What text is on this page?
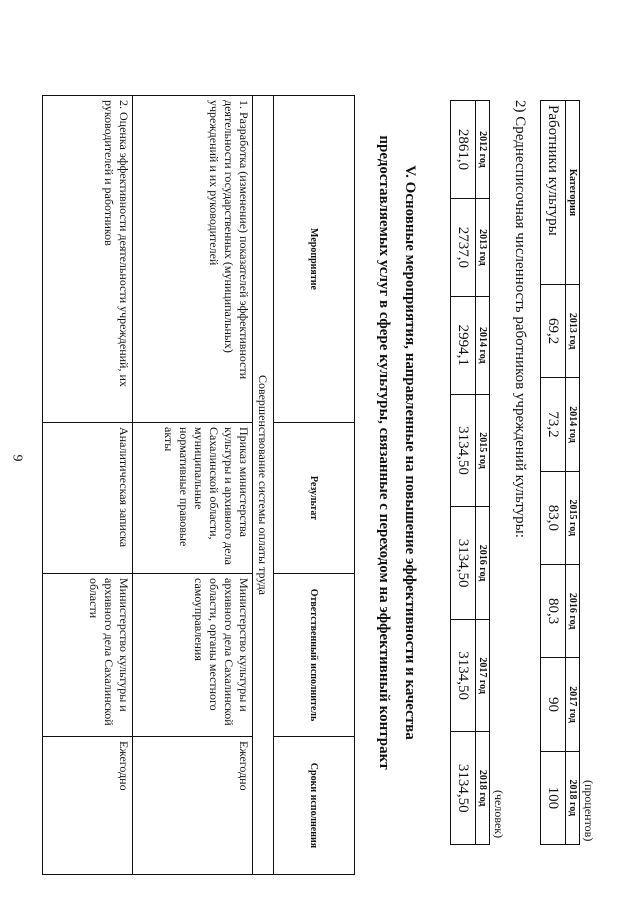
9
(процентов)
Категория	2013 год	2014 год	2015 год	2016 год	2017 год	2018 год
Работники культуры	69,2	73,2	83,0	80,3	90	100
2) Среднесписочная численность работников учреждений культуры:
(человек)
2012 год	2013 год	2014 год	2015 год	2016 год	2017 год	2018 год
2861,0	2737,0	2994,1	3134,50	3134,50	3134,50	3134,50
V. Основные мероприятия, направленные на повышение эффективности и качества
предоставляемых услуг в сфере культуры, связанные с переходом на эффективный контракт
Мероприятие	Результат	Ответственный исполнитель	Сроки исполнения
Совершенствование системы оплаты труда			
1. Разработка (изменение) показателей эффективности деятельности государственных (муниципальных) учреждений и их руководителей	Приказ министерства культуры и архивного дела Сахалинской области, муниципальные нормативные правовые акты	Министерство культуры и архивного дела Сахалинской области, органы местного самоуправления	Ежегодно
2. Оценка эффективности деятельности учреждений, их руководителей и работников	Аналитическая записка	Министерство культуры и архивного дела Сахалинской области	Ежегодно
